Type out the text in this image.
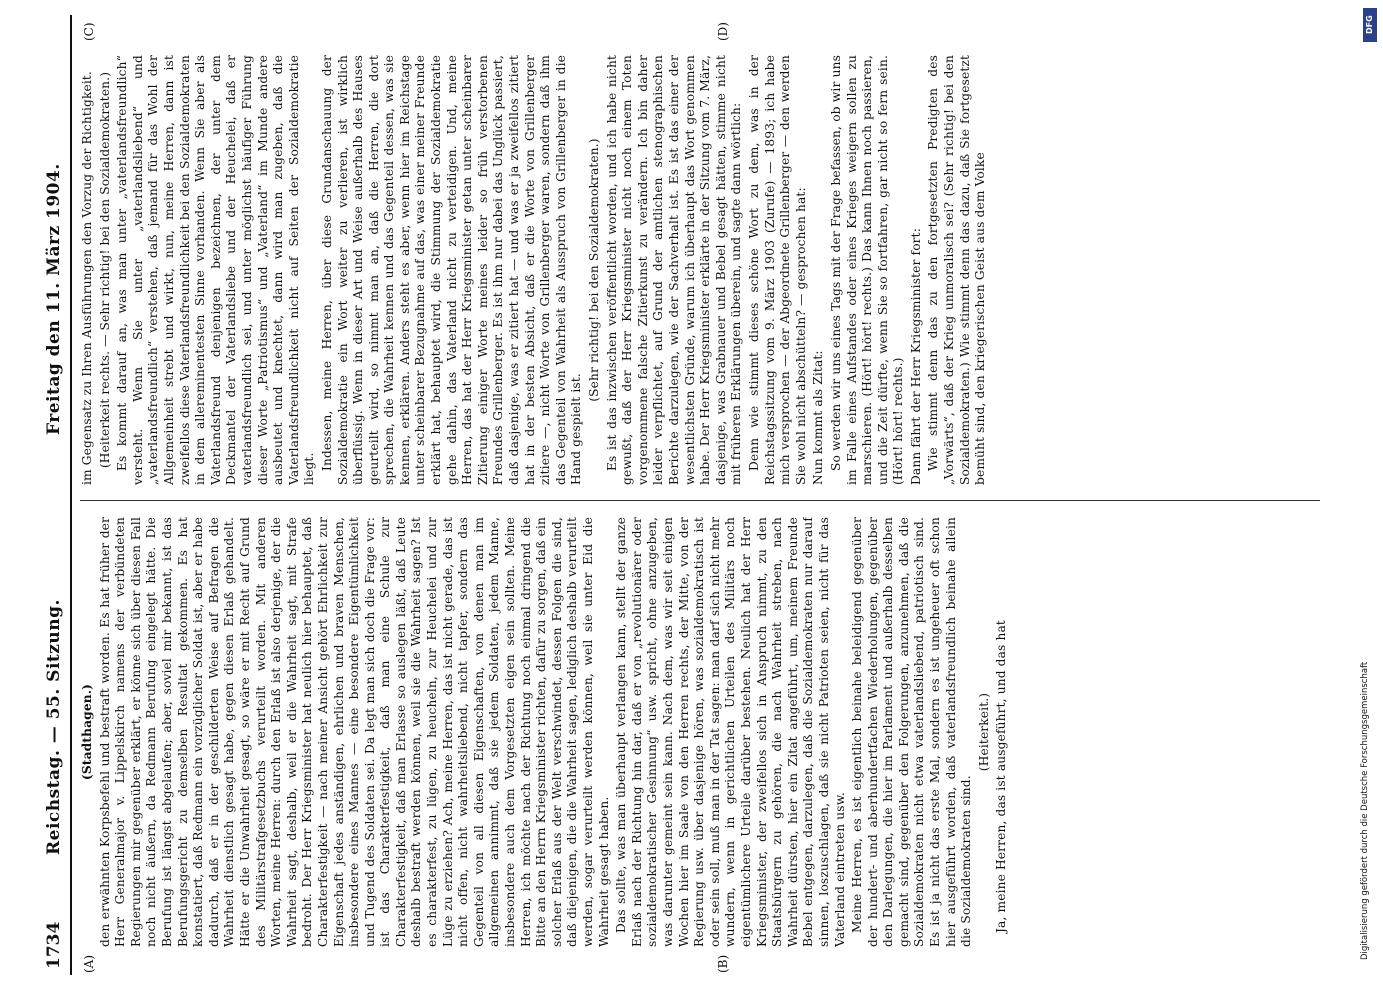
1734
Reichstag. — 55. Sitzung.
Freitag den 11. März 1904.
(A)	(B)
(C)	(D)

(Stadthagen.) den erwähnten Korpsbefehl und bestraft worden. Es hat früher der Herr Generalmajor v. Lippelskirch namens der verbündeten Regierungen mir gegenüber erklärt, er könne sich über diesen Fall noch nicht äußern, da Redmann Berufung eingelegt hätte. Die Berufung ist längst abgelaufen; aber, soviel mir bekannt, ist das Berufungsgericht zu demselben Resultat gekommen. Es hat konstatiert, daß Redmann ein vorzüglicher Soldat ist, aber er habe dadurch, daß er in der geschilderten Weise auf Befragen die Wahrheit dienstlich gesagt habe, gegen diesen Erlaß gehandelt. Hätte er die Unwahrheit gesagt, so wäre er mit Recht auf Grund des Militärstrafgesetzbuchs verurteilt worden. Mit anderen Worten, meine Herren: durch den Erlaß ist also derjenige, der die Wahrheit sagt, deshalb, weil er die Wahrheit sagt, mit Strafe bedroht. Der Herr Kriegsminister hat neulich hier behauptet, daß Charakterfestigkeit — nach meiner Ansicht gehört Ehrlichkeit zur Eigenschaft jedes anständigen, ehrlichen und braven Menschen, insbesondere eines Mannes — eine besondere Eigentümlichkeit und Tugend des Soldaten sei. Da legt man sich doch die Frage vor: ist das Charakterfestigkeit, daß man eine Schule zur Charakterfestigkeit, daß man Erlasse so auslegen läßt, daß Leute deshalb bestraft werden können, weil sie die Wahrheit sagen? Ist es charakterfest, zu lügen, zu heucheln, zur Heuchelei und zur Lüge zu erziehen? Ach, meine Herren, das ist nicht gerade, das ist nicht offen, nicht wahrheitsliebend, nicht tapfer, sondern das Gegenteil von all diesen Eigenschaften, von denen man im allgemeinen annimmt, daß sie jedem Soldaten, jedem Manne, insbesondere auch dem Vorgesetzten eigen sein sollten. Meine Herren, ich möchte nach der Richtung noch einmal dringend die Bitte an den Herrn Kriegsminister richten, dafür zu sorgen, daß ein solcher Erlaß aus der Welt verschwindet, dessen Folgen die sind, daß diejenigen, die die Wahrheit sagen, lediglich deshalb verurteilt werden, sogar verurteilt werden können, weil sie unter Eid die Wahrheit gesagt haben. Das sollte, was man überhaupt verlangen kann, stellt der ganze Erlaß nach der Richtung hin dar, daß er von „revolutionärer oder sozialdemokratischer Gesinnung“ usw. spricht, ohne anzugeben, was darunter gemeint sein kann. Nach dem, was wir seit einigen Wochen hier im Saale von den Herren rechts, der Mitte, von der Regierung usw. über dasjenige hören, was sozialdemokratisch ist oder sein soll, muß man in der Tat sagen: man darf sich nicht mehr wundern, wenn in gerichtlichen Urteilen des Militärs noch eigentümlichere Urteile darüber bestehen. Neulich hat der Herr Kriegsminister, der zweifellos sich in Anspruch nimmt, zu den Staatsbürgern zu gehören, die nach Wahrheit streben, nach Wahrheit dürsten, hier ein Zitat angeführt, um, meinem Freunde Bebel entgegen, darzulegen, daß die Sozialdemokraten nur darauf sinnen, loszuschlagen, daß sie nicht Patrioten seien, nicht für das Vaterland eintreten usw. Meine Herren, es ist eigentlich beinahe beleidigend gegenüber der hundert- und aberhundertfachen Wiederholungen, gegenüber den Darlegungen, die hier im Parlament und außerhalb desselben gemacht sind, gegenüber den Folgerungen, anzunehmen, daß die Sozialdemokraten nicht etwa vaterlandsliebend, patriotisch sind. Es ist ja nicht das erste Mal, sondern es ist ungeheuer oft schon hier ausgeführt worden, daß vaterlandsfreundlich beinahe allein die Sozialdemokraten sind.

(Heiterkeit.) Ja, meine Herren, das ist ausgeführt, und das hat

im Gegensatz zu Ihren Ausführungen den Vorzug der Richtigkeit. (Heiterkeit rechts. — Sehr richtig! bei den Sozialdemokraten.) Es kommt darauf an, was man unter „vaterlandsfreundlich“ versteht. Wenn Sie unter „vaterlandsliebend“ und „vaterlandsfreundlich“ verstehen, daß jemand für das Wohl der Allgemeinheit strebt und wirkt, nun, meine Herren, dann ist zweifellos diese Vaterlandsfreundlichkeit bei den Sozialdemokraten in dem allereminentesten Sinne vorhanden. Wenn Sie aber als Vaterlandsfreund denjenigen bezeichnen, der unter dem Deckmantel der Vaterlandsliebe und der Heuchelei, daß er vaterlandsfreundlich sei, und unter möglichst häufiger Führung dieser Worte „Patriotismus“ und „Vaterland“ im Munde andere ausbeutet und knechtet, dann wird man zugeben, daß die Vaterlandsfreundlichkeit nicht auf Seiten der Sozialdemokratie liegt. Indessen, meine Herren, über diese Grundanschauung der Sozialdemokratie ein Wort weiter zu verlieren, ist wirklich überflüssig. Wenn in dieser Art und Weise außerhalb des Hauses geurteilt wird, so nimmt man an, daß die Herren, die dort sprechen, die Wahrheit kennen und das Gegenteil dessen, was sie kennen, erklären. Anders steht es aber, wenn hier im Reichstage unter scheinbarer Bezugnahme auf das, was einer meiner Freunde erklärt hat, behauptet wird, die Stimmung der Sozialdemokratie gehe dahin, das Vaterland nicht zu verteidigen. Und, meine Herren, das hat der Herr Kriegsminister getan unter scheinbarer Zitierung einiger Worte meines leider so früh verstorbenen Freundes Grillenberger. Es ist ihm nur dabei das Unglück passiert, daß dasjenige, was er zitiert hat — und was er ja zweifellos zitiert hat in der besten Absicht, daß er die Worte von Grillenberger zitiere —, nicht Worte von Grillenberger waren, sondern daß ihm das Gegenteil von Wahrheit als Ausspruch von Grillenberger in die Hand gespielt ist.

(Sehr richtig! bei den Sozialdemokraten.) Es ist das inzwischen veröffentlicht worden, und ich habe nicht gewußt, daß der Herr Kriegsminister nicht noch einem Toten vorgenommene falsche Zitierkunst zu verändern. Ich bin daher leider verpflichtet, auf Grund der amtlichen stenographischen Berichte darzulegen, wie der Sachverhalt ist. Es ist das einer der wesentlichsten Gründe, warum ich überhaupt das Wort genommen habe. Der Herr Kriegsminister erklärte in der Sitzung vom 7. März, dasjenige, was Grabnauer und Bebel gesagt hätten, stimme nicht mit früheren Erklärungen überein, und sagte dann wörtlich: Denn wie stimmt dieses schöne Wort zu dem, was in der Reichstagssitzung vom 9. März 1903 (Zurufe) — 1893; ich habe mich versprochen — der Abgeordnete Grillenberger — den werden Sie wohl nicht abschütteln? — gesprochen hat: Nun kommt als Zitat: So werden wir uns eines Tags mit der Frage befassen, ob wir uns im Falle eines Aufstandes oder eines Krieges weigern sollen zu marschieren. (Hört! hört! rechts.) Das kann Ihnen noch passieren, und die Zeit dürfte, wenn Sie so fortfahren, gar nicht so fern sein. (Hört! hört! rechts.) Dann fährt der Herr Kriegsminister fort: Wie stimmt denn das zu den fortgesetzten Predigten des „Vorwärts“, daß der Krieg unmoralisch sei? (Sehr richtig! bei den Sozialdemokraten.) Wie stimmt denn das dazu, daß Sie fortgesetzt bemüht sind, den kriegerischen Geist aus dem Volke

DFG
Digitalisierung gefördert durch die Deutsche Forschungsgemeinschaft
